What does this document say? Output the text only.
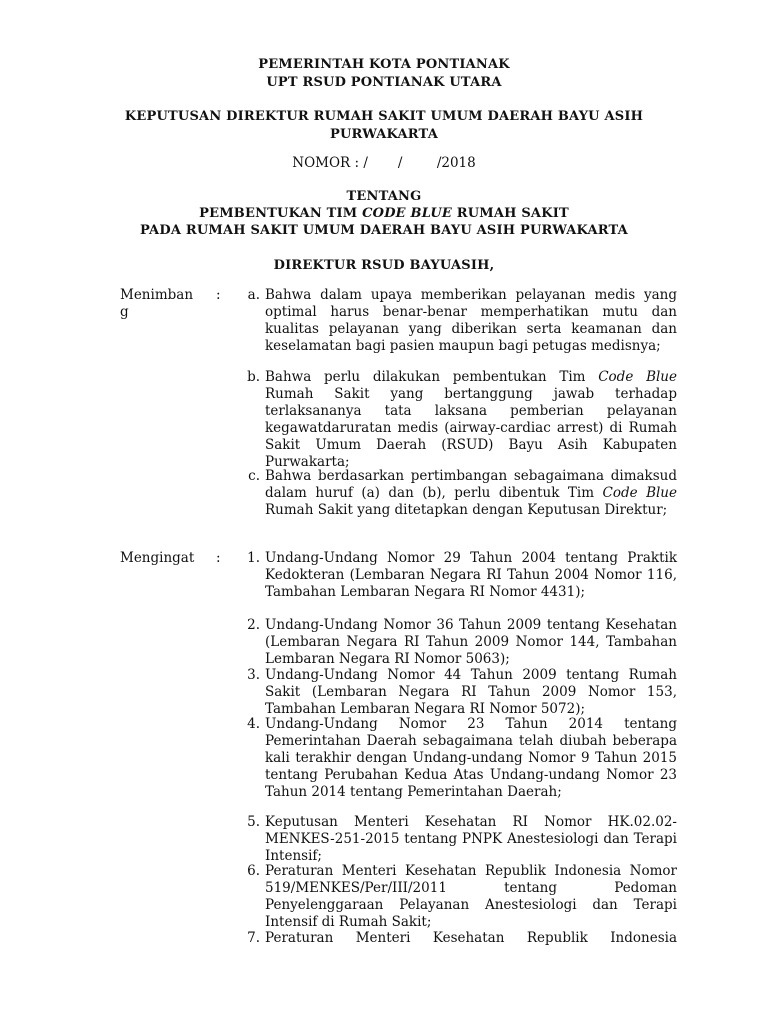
PEMERINTAH KOTA PONTIANAK
UPT RSUD PONTIANAK UTARA
KEPUTUSAN DIREKTUR RUMAH SAKIT UMUM DAERAH BAYU ASIH
PURWAKARTA
NOMOR : /       /        /2018
TENTANG
PEMBENTUKAN TIM CODE BLUE RUMAH SAKIT
PADA RUMAH SAKIT UMUM DAERAH BAYU ASIH PURWAKARTA
DIREKTUR RSUD BAYUASIH,
Menimban
g
:	a. Bahwa dalam upaya memberikan pelayanan medis yang optimal harus benar-benar memperhatikan mutu dan kualitas pelayanan yang diberikan serta keamanan dan keselamatan bagi pasien maupun bagi petugas medisnya;
b. Bahwa perlu dilakukan pembentukan Tim Code Blue Rumah Sakit yang bertanggung jawab terhadap terlaksananya tata laksana pemberian pelayanan kegawatdaruratan medis (airway-cardiac arrest) di Rumah Sakit Umum Daerah (RSUD) Bayu Asih Kabupaten Purwakarta;
c. Bahwa berdasarkan pertimbangan sebagaimana dimaksud dalam huruf (a) dan (b), perlu dibentuk Tim Code Blue Rumah Sakit yang ditetapkan dengan Keputusan Direktur;
Mengingat :	1. Undang-Undang Nomor 29 Tahun 2004 tentang Praktik Kedokteran (Lembaran Negara RI Tahun 2004 Nomor 116, Tambahan Lembaran Negara RI Nomor 4431);
2. Undang-Undang Nomor 36 Tahun 2009 tentang Kesehatan (Lembaran Negara RI Tahun 2009 Nomor 144, Tambahan Lembaran Negara RI Nomor 5063);
3. Undang-Undang Nomor 44 Tahun 2009 tentang Rumah Sakit (Lembaran Negara RI Tahun 2009 Nomor 153, Tambahan Lembaran Negara RI Nomor 5072);
4. Undang-Undang Nomor 23 Tahun 2014 tentang Pemerintahan Daerah sebagaimana telah diubah beberapa kali terakhir dengan Undang-undang Nomor 9 Tahun 2015 tentang Perubahan Kedua Atas Undang-undang Nomor 23 Tahun 2014 tentang Pemerintahan Daerah;
5. Keputusan Menteri Kesehatan RI Nomor HK.02.02-MENKES-251-2015 tentang PNPK Anestesiologi dan Terapi Intensif;
6. Peraturan Menteri Kesehatan Republik Indonesia Nomor 519/MENKES/Per/III/2011 tentang Pedoman Penyelenggaraan Pelayanan Anestesiologi dan Terapi Intensif di Rumah Sakit;
7. Peraturan Menteri Kesehatan Republik Indonesia
